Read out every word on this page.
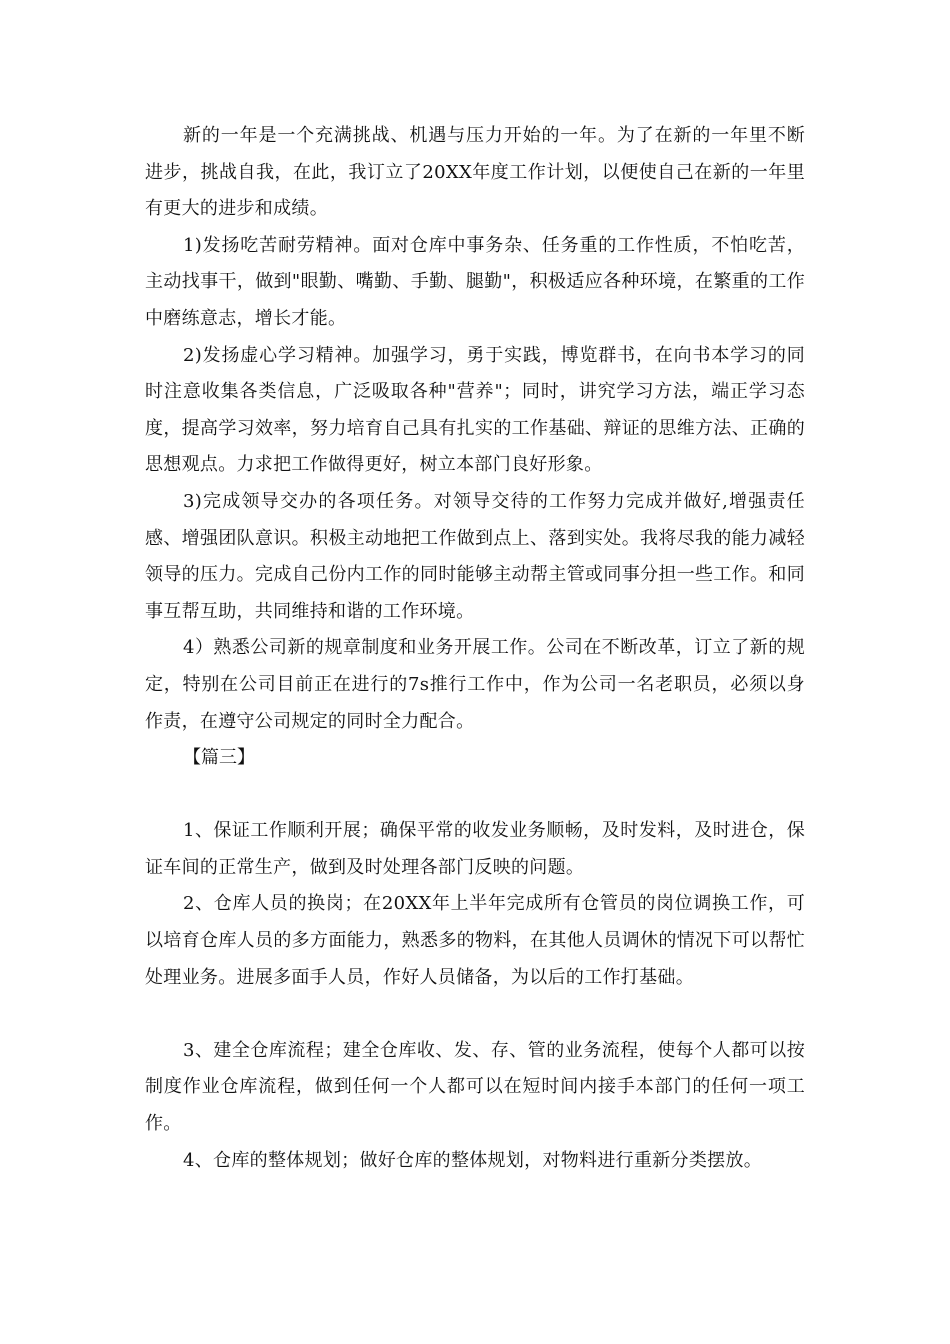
新的一年是一个充满挑战、机遇与压力开始的一年。为了在新的一年里不断进步，挑战自我，在此，我订立了20XX年度工作计划，以便使自己在新的一年里有更大的进步和成绩。

1)发扬吃苦耐劳精神。面对仓库中事务杂、任务重的工作性质，不怕吃苦，主动找事干，做到"眼勤、嘴勤、手勤、腿勤"，积极适应各种环境，在繁重的工作中磨练意志，增长才能。

2)发扬虚心学习精神。加强学习，勇于实践，博览群书，在向书本学习的同时注意收集各类信息，广泛吸取各种"营养"；同时，讲究学习方法，端正学习态度，提高学习效率，努力培育自己具有扎实的工作基础、辩证的思维方法、正确的思想观点。力求把工作做得更好，树立本部门良好形象。

3)完成领导交办的各项任务。对领导交待的工作努力完成并做好,增强责任感、增强团队意识。积极主动地把工作做到点上、落到实处。我将尽我的能力减轻领导的压力。完成自己份内工作的同时能够主动帮主管或同事分担一些工作。和同事互帮互助，共同维持和谐的工作环境。

4）熟悉公司新的规章制度和业务开展工作。公司在不断改革，订立了新的规定，特别在公司目前正在进行的7s推行工作中，作为公司一名老职员，必须以身作责，在遵守公司规定的同时全力配合。

【篇三】

1、保证工作顺利开展；确保平常的收发业务顺畅，及时发料，及时进仓，保证车间的正常生产，做到及时处理各部门反映的问题。

2、仓库人员的换岗；在20XX年上半年完成所有仓管员的岗位调换工作，可以培育仓库人员的多方面能力，熟悉多的物料，在其他人员调休的情况下可以帮忙处理业务。进展多面手人员，作好人员储备，为以后的工作打基础。

3、建全仓库流程；建全仓库收、发、存、管的业务流程，使每个人都可以按制度作业仓库流程，做到任何一个人都可以在短时间内接手本部门的任何一项工作。

4、仓库的整体规划；做好仓库的整体规划，对物料进行重新分类摆放。
